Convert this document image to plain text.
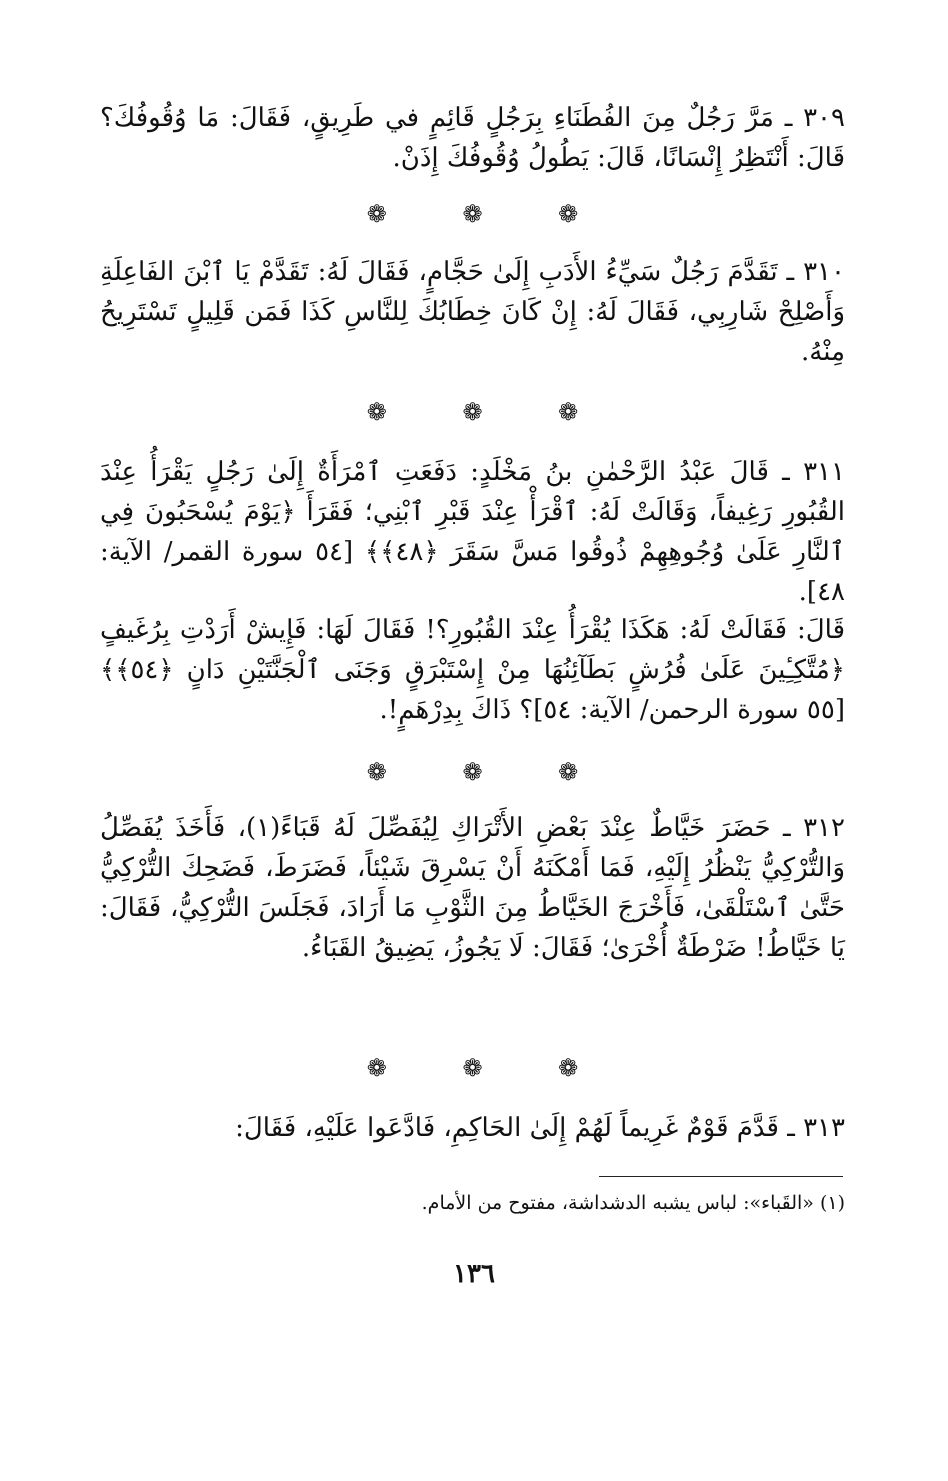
٣٠٩ ـ مَرَّ رَجُلٌ مِنَ الفُطَنَاءِ بِرَجُلٍ قَائِمٍ في طَرِيقٍ، فَقَالَ: مَا وُقُوفُكَ؟ قَالَ: أَنْتَظِرُ إِنْسَانًا، قَالَ: يَطُولُ وُقُوفُكَ إِذَنْ.

❁ ❁ ❁

٣١٠ ـ تَقَدَّمَ رَجُلٌ سَيِّءُ الأَدَبِ إِلَىٰ حَجَّامٍ، فَقَالَ لَهُ: تَقَدَّمْ يَا ٱبْنَ الفَاعِلَةِ وَأَصْلِحْ شَارِبِي، فَقَالَ لَهُ: إِنْ كَانَ خِطَابُكَ لِلنَّاسِ كَذَا فَمَن قَلِيلٍ تَسْتَرِيحُ مِنْهُ.

❁ ❁ ❁

٣١١ ـ قَالَ عَبْدُ الرَّحْمٰنِ بنُ مَخْلَدٍ: دَفَعَتِ ٱمْرَأَةٌ إِلَىٰ رَجُلٍ يَقْرَأُ عِنْدَ القُبُورِ رَغِيفاً، وَقَالَتْ لَهُ: ٱقْرَأْ عِنْدَ قَبْرِ ٱبْنِي؛ فَقَرَأَ ﴿يَوْمَ يُسْحَبُونَ فِي ٱلنَّارِ عَلَىٰ وُجُوهِهِمْ ذُوقُوا مَسَّ سَقَرَ ﴿٤٨﴾﴾ [٥٤ سورة القمر/ الآية: ٤٨].

قَالَ: فَقَالَتْ لَهُ: هَكَذَا يُقْرَأُ عِنْدَ القُبُورِ؟! فَقَالَ لَهَا: فَإِيشْ أَرَدْتِ بِرُغَيفٍ ﴿مُتَّكِـِٔينَ عَلَىٰ فُرُشٍ بَطَآئِنُهَا مِنْ إِسْتَبْرَقٍ وَجَنَى ٱلْجَنَّتَيْنِ دَانٍ ﴿٥٤﴾﴾ [٥٥ سورة الرحمن/ الآية: ٥٤]؟ ذَاكَ بِدِرْهَمٍ!.

❁ ❁ ❁

٣١٢ ـ حَضَرَ خَيَّاطٌ عِنْدَ بَعْضِ الأَتْرَاكِ لِيُفَصِّلَ لَهُ قَبَاءً(١)، فَأَخَذَ يُفَصِّلُ وَالتُّرْكِيُّ يَنْظُرُ إِلَيْهِ، فَمَا أَمْكَنَهُ أَنْ يَسْرِقَ شَيْئاً، فَضَرَطَ، فَضَحِكَ التُّرْكِيُّ حَتَّىٰ ٱسْتَلْقَىٰ، فَأَخْرَجَ الخَيَّاطُ مِنَ الثَّوْبِ مَا أَرَادَ، فَجَلَسَ التُّرْكِيُّ، فَقَالَ: يَا خَيَّاطُ! ضَرْطَةٌ أُخْرَىٰ؛ فَقَالَ: لَا يَجُوزُ، يَضِيقُ القَبَاءُ.

❁ ❁ ❁

٣١٣ ـ قَدَّمَ قَوْمٌ غَرِيماً لَهُمْ إِلَىٰ الحَاكِمِ، فَادَّعَوا عَلَيْهِ، فَقَالَ:

(١) «القَباء»: لباس يشبه الدشداشة، مفتوح من الأمام.

١٣٦
